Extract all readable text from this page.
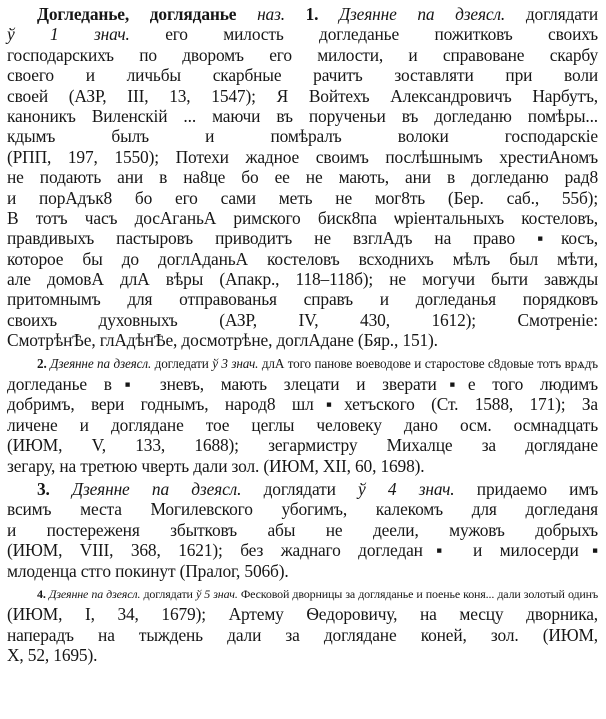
Догледанье, догляданье наз. 1. Дзеянне па дзеясл. доглядати
ў 1 знач. его милость догледанье пожитковъ своихъ
господарскихъ по дворомъ его милости, и справоване скарбу
своего и личьбы скарбные рачитъ зоставляти при воли
своей (АЗР, III, 13, 1547); Я Войтехъ Александровичъ Нарбутъ,
каноникъ Виленскій ... маючи въ порученьи въ догледаню помѣры...
кдымъ былъ и помѣралъ волоки господарскіе
(РПП, 197, 1550); Потехи жадное своимъ послѣшнымъ хрестиАномъ
не подають ани в на8це бо ее не мають, ани в догледаню рад8
и порАдък8 бо его сами меть не мог8ть (Бер. саб., 55б);
В тотъ часъ досАганьА римского биск8па ѡріентальныхъ костеловъ,
правдивыхъ пастыровъ приводитъ не взглАдъ на право ▪косъ,
которое бы до доглАданьА костеловъ всходнихъ мѣлъ был мѣти,
але домовА длА вѣры (Апакр., 118–118б); не могучи быти завжды
притомнымъ для отправованья справъ и догледанья порядковъ
своихъ духовныхъ (АЗР, IV, 430, 1612); Смотреніе:
СмотрѣнѢе, глАдѣнѢе, досмотрѣне, доглАдане (Бяр., 151).
2. Дзеянне па дзеясл. догледати ў 3 знач. длА того панове воеводове и старостове с8довые тотъ врѧдъ
догледанье в▪ зневъ, мають злецати и зверати▪е того людимъ
добримъ, вери годнымъ, народ8 шл▪хетъского (Ст. 1588, 171); За
личене и доглядане тое цеглы человеку дано осм. осмнадцать
(ИЮМ, V, 133, 1688); зегармистру Михалце за доглядане
зегару, на третюю чверть дали зол. (ИЮМ, XII, 60, 1698).
3. Дзеянне па дзеясл. доглядати ў 4 знач. придаемо имъ
всимъ места Могилевского убогимъ, калекомъ для догледаня
и постереженя збытковъ абы не деели, мужовъ добрыхъ
(ИЮМ, VIII, 368, 1621); без жаднаго догледан▪ и милосерди▪
млоденца стго покинут (Пралог, 506б).
4. Дзеянне па дзеясл. доглядати ў 5 знач. Фесковой дворницы за догляданье и поенье коня... дали золотый одинъ
(ИЮМ, I, 34, 1679); Артему Ѳедоровичу, на месцу дворника,
наперадъ на тыждень дали за доглядане коней, зол. (ИЮМ,
X, 52, 1695).
